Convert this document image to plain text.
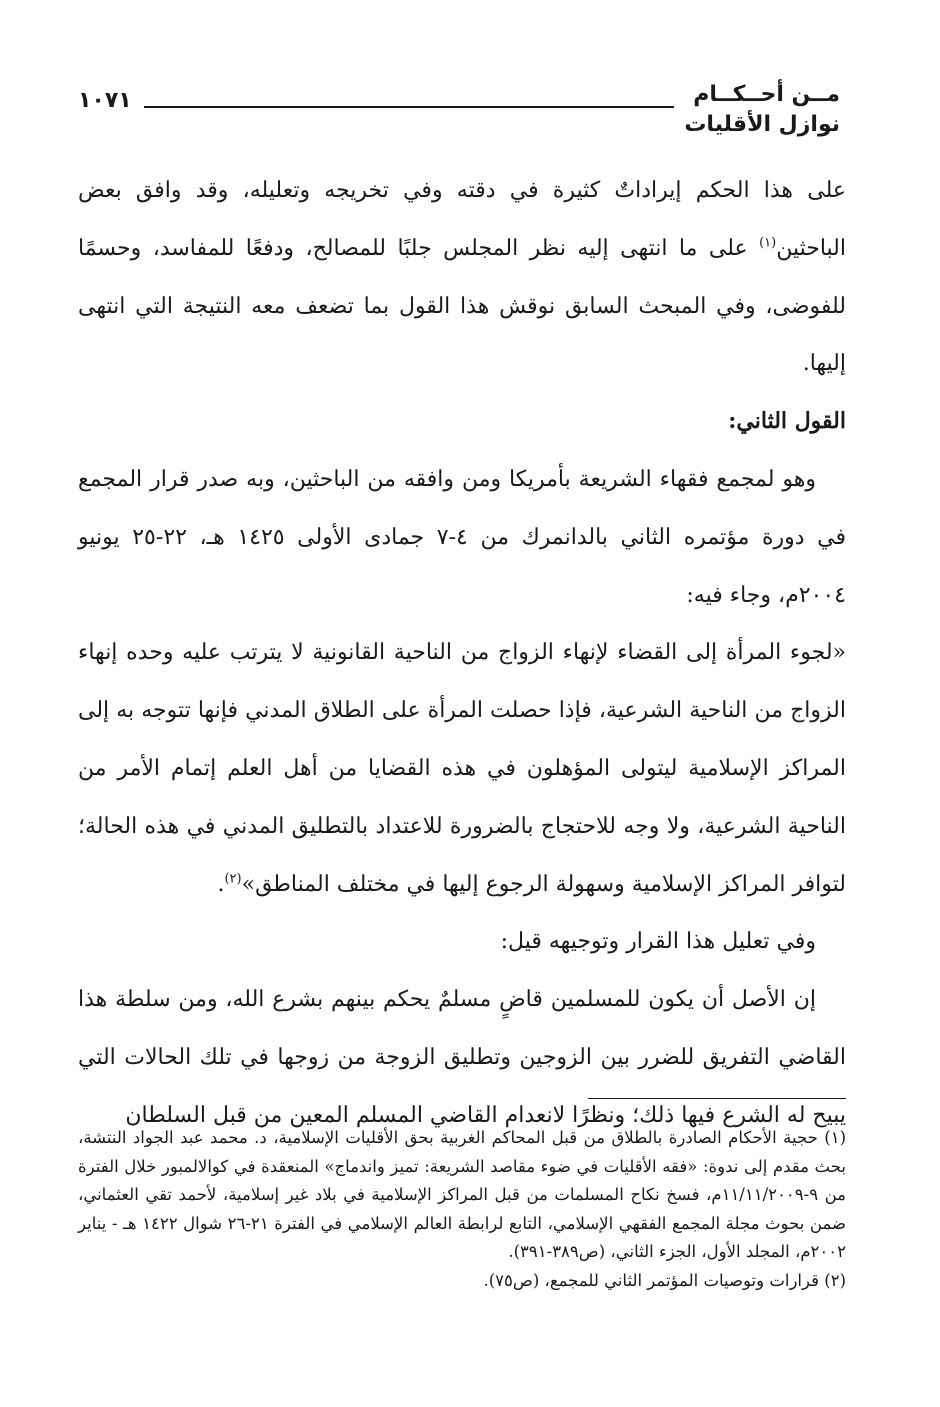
مــن أحــكــام
نوازل الأقليات
١٠٧١

على هذا الحكم إيراداتٌ كثيرة في دقته وفي تخريجه وتعليله، وقد وافق بعض الباحثين$^{(١)}$ على ما انتهى إليه نظر المجلس جلبًا للمصالح، ودفعًا للمفاسد، وحسمًا للفوضى، وفي المبحث السابق نوقش هذا القول بما تضعف معه النتيجة التي انتهى إليها.

القول الثاني:

وهو لمجمع فقهاء الشريعة بأمريكا ومن وافقه من الباحثين، وبه صدر قرار المجمع في دورة مؤتمره الثاني بالدانمرك من ٤-٧ جمادى الأولى ١٤٢٥ هـ، ٢٢-٢٥ يونيو ٢٠٠٤م، وجاء فيه:

«لجوء المرأة إلى القضاء لإنهاء الزواج من الناحية القانونية لا يترتب عليه وحده إنهاء الزواج من الناحية الشرعية، فإذا حصلت المرأة على الطلاق المدني فإنها تتوجه به إلى المراكز الإسلامية ليتولى المؤهلون في هذه القضايا من أهل العلم إتمام الأمر من الناحية الشرعية، ولا وجه للاحتجاج بالضرورة للاعتداد بالتطليق المدني في هذه الحالة؛ لتوافر المراكز الإسلامية وسهولة الرجوع إليها في مختلف المناطق»$^{(٢)}$.

وفي تعليل هذا القرار وتوجيهه قيل:

إن الأصل أن يكون للمسلمين قاضٍ مسلمٌ يحكم بينهم بشرع الله، ومن سلطة هذا القاضي التفريق للضرر بين الزوجين وتطليق الزوجة من زوجها في تلك الحالات التي يبيح له الشرع فيها ذلك؛ ونظرًا لانعدام القاضي المسلم المعين من قبل السلطان

(١) حجية الأحكام الصادرة بالطلاق من قبل المحاكم الغربية بحق الأقليات الإسلامية، د. محمد عبد الجواد النتشة، بحث مقدم إلى ندوة: «فقه الأقليات في ضوء مقاصد الشريعة: تميز واندماج» المنعقدة في كوالالمبور خلال الفترة من ٩-١١/١١/٢٠٠٩م، فسخ نكاح المسلمات من قبل المراكز الإسلامية في بلاد غير إسلامية، لأحمد تقي العثماني، ضمن بحوث مجلة المجمع الفقهي الإسلامي، التابع لرابطة العالم الإسلامي في الفترة ٢١-٢٦ شوال ١٤٢٢ هـ - يناير ٢٠٠٢م، المجلد الأول، الجزء الثاني، (ص٣٨٩-٣٩١).

(٢) قرارات وتوصيات المؤتمر الثاني للمجمع، (ص٧٥).
